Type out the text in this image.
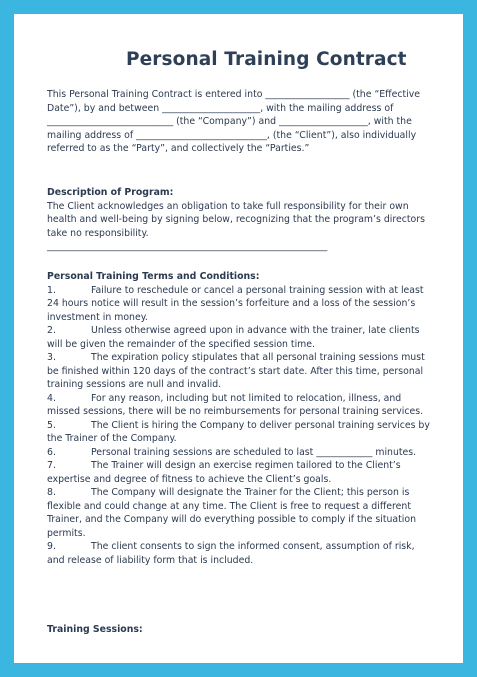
Personal Training Contract
This Personal Training Contract is entered into __________________ (the “Effective Date”), by and between _____________________, with the mailing address of ___________________________ (the “Company”) and ___________________, with the mailing address of ____________________________, (the “Client”), also individually referred to as the “Party”, and collectively the “Parties.”
Description of Program:
The Client acknowledges an obligation to take full responsibility for their own health and well-being by signing below, recognizing that the program’s directors take no responsibility.
____________________________________________________________
Personal Training Terms and Conditions:
1.	Failure to reschedule or cancel a personal training session with at least 24 hours notice will result in the session’s forfeiture and a loss of the session’s investment in money.
2.	Unless otherwise agreed upon in advance with the trainer, late clients will be given the remainder of the specified session time.
3.	The expiration policy stipulates that all personal training sessions must be finished within 120 days of the contract’s start date. After this time, personal training sessions are null and invalid.
4.	For any reason, including but not limited to relocation, illness, and missed sessions, there will be no reimbursements for personal training services.
5.	The Client is hiring the Company to deliver personal training services by the Trainer of the Company.
6.	Personal training sessions are scheduled to last ____________ minutes.
7.	The Trainer will design an exercise regimen tailored to the Client’s expertise and degree of fitness to achieve the Client’s goals.
8.	The Company will designate the Trainer for the Client; this person is flexible and could change at any time. The Client is free to request a different Trainer, and the Company will do everything possible to comply if the situation permits.
9.	The client consents to sign the informed consent, assumption of risk, and release of liability form that is included.
Training Sessions:
